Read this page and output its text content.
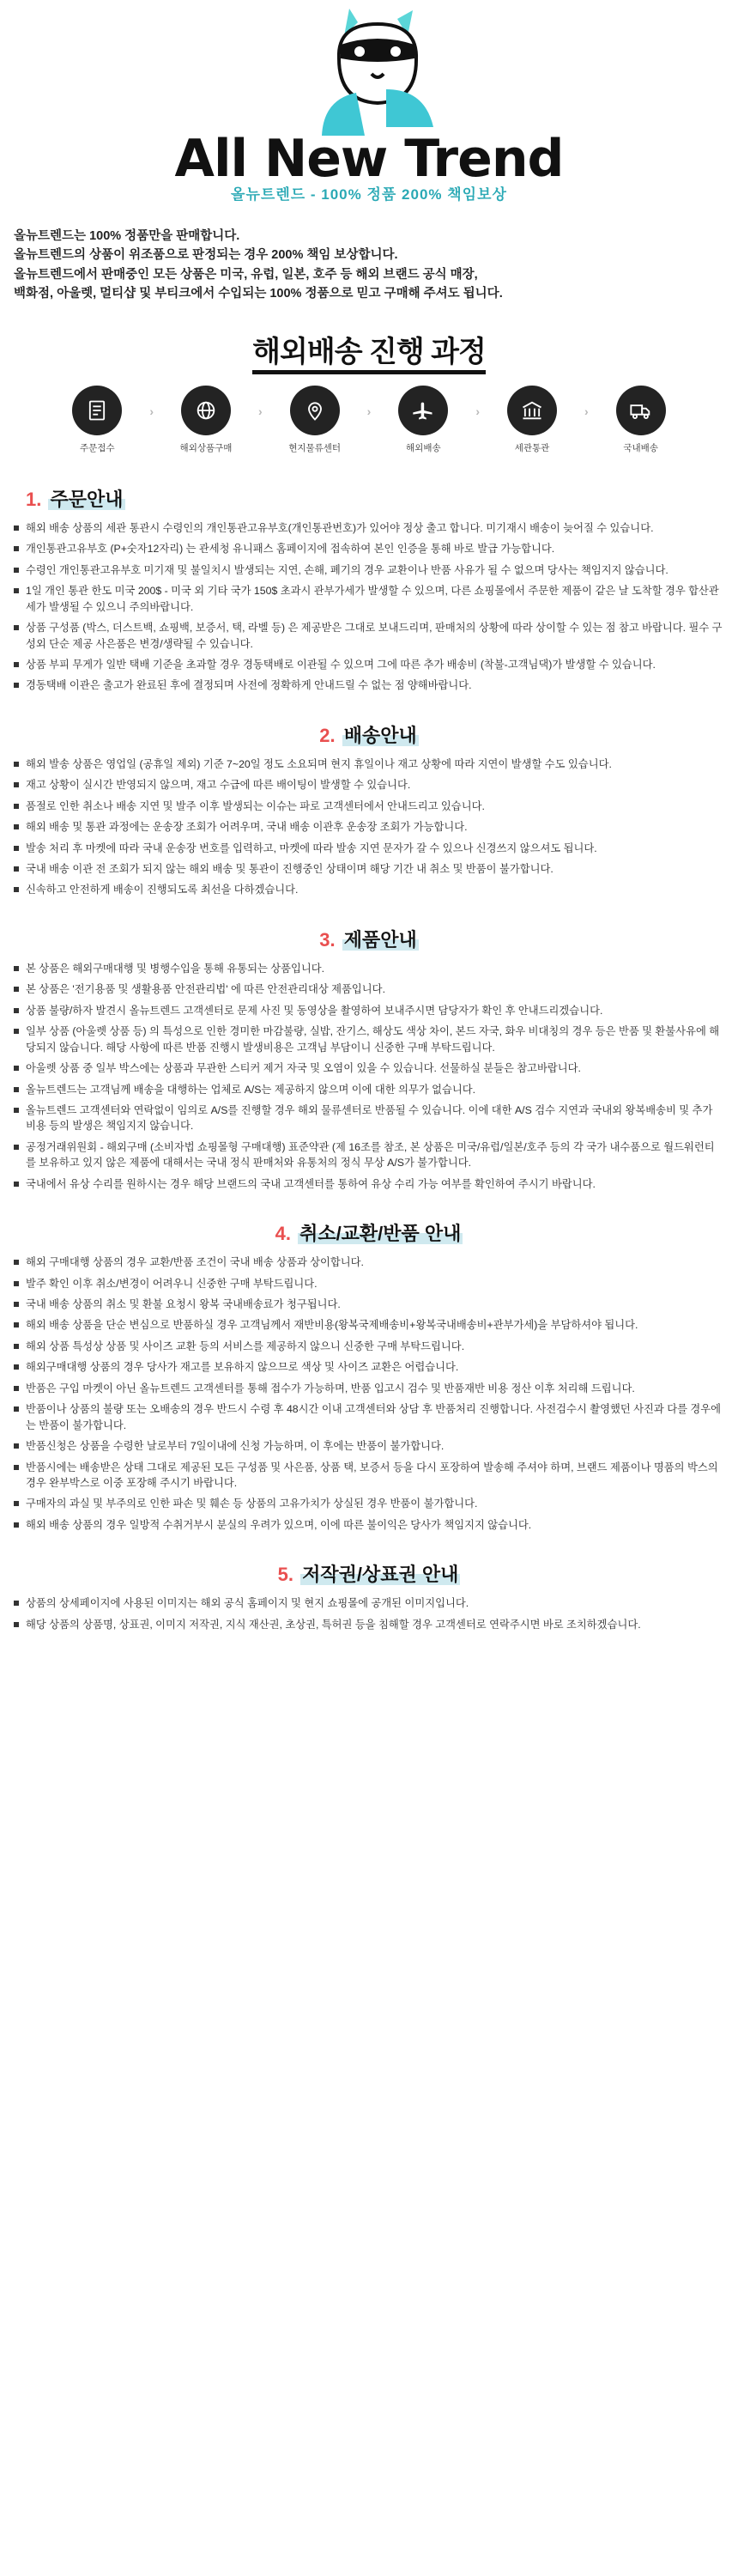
All New Trend
올뉴트렌드 - 100% 정품 200% 책임보상
올뉴트렌드는 100% 정품만을 판매합니다.
올뉴트렌드의 상품이 위조품으로 판정되는 경우 200% 책임 보상합니다.
올뉴트렌드에서 판매중인 모든 상품은 미국, 유럽, 일본, 호주 등 해외 브랜드 공식 매장,
백화점, 아울렛, 멀티샵 및 부티크에서 수입되는 100% 정품으로 믿고 구매해 주셔도 됩니다.
해외배송 진행 과정
주문접수
›
해외상품구매
›
현지물류센터
›
해외배송
›
세관통관
›
국내배송
1. 주문안내
해외 배송 상품의 세관 통관시 수령인의 개인통관고유부호(개인통관번호)가 있어야 정상 출고 합니다. 미기재시 배송이 늦어질 수 있습니다.
개인통관고유부호 (P+숫자12자리) 는 관세청 유니패스 홈페이지에 접속하여 본인 인증을 통해 바로 발급 가능합니다.
수령인 개인통관고유부호 미기재 및 불일치시 발생되는 지연, 손해, 폐기의 경우 교환이나 반품 사유가 될 수 없으며 당사는 책임지지 않습니다.
1일 개인 통관 한도 미국 200$ - 미국 외 기타 국가 150$ 초과시 관부가세가 발생할 수 있으며, 다른 쇼핑몰에서 주문한 제품이 같은 날 도착할 경우 합산관세가 발생될 수 있으니 주의바랍니다.
상품 구성품 (박스, 더스트백, 쇼핑백, 보증서, 택, 라벨 등) 은 제공받은 그대로 보내드리며, 판매처의 상황에 따라 상이할 수 있는 점 참고 바랍니다. 필수 구성외 단순 제공 사은품은 변경/생략될 수 있습니다.
상품 부피 무게가 일반 택배 기준을 초과할 경우 경동택배로 이관될 수 있으며 그에 따른 추가 배송비 (착불-고객님댁)가 발생할 수 있습니다.
경동택배 이관은 출고가 완료된 후에 결정되며 사전에 정확하게 안내드릴 수 없는 점 양해바랍니다.
2. 배송안내
해외 발송 상품은 영업일 (공휴일 제외) 기준 7~20일 정도 소요되며 현지 휴일이나 재고 상황에 따라 지연이 발생할 수도 있습니다.
재고 상황이 실시간 반영되지 않으며, 재고 수급에 따른 배이팅이 발생할 수 있습니다.
품절로 인한 취소나 배송 지연 및 발주 이후 발생되는 이슈는 파로 고객센터에서 안내드리고 있습니다.
해외 배송 및 통관 과정에는 운송장 조회가 어려우며, 국내 배송 이관후 운송장 조회가 가능합니다.
발송 처리 후 마켓에 따라 국내 운송장 번호를 입력하고, 마켓에 따라 발송 지연 문자가 갈 수 있으나 신경쓰지 않으셔도 됩니다.
국내 배송 이관 전 조회가 되지 않는 해외 배송 및 통관이 진행중인 상태이며 해당 기간 내 취소 및 반품이 불가합니다.
신속하고 안전하게 배송이 진행되도록 최선을 다하겠습니다.
3. 제품안내
본 상품은 해외구매대행 및 병행수입을 통해 유통되는 상품입니다.
본 상품은 '전기용품 및 생활용품 안전관리법' 에 따른 안전관리대상 제품입니다.
상품 불량/하자 발견시 올뉴트렌드 고객센터로 문제 사진 및 동영상을 촬영하여 보내주시면 담당자가 확인 후 안내드리겠습니다.
일부 상품 (아울렛 상품 등) 의 특성으로 인한 경미한 마감불량, 실밥, 잔기스, 해상도 색상 차이, 본드 자국, 화우 비대칭의 경우 등은 반품 및 환불사유에 해당되지 않습니다. 해당 사항에 따른 반품 진행시 발생비용은 고객님 부담이니 신중한 구매 부탁드립니다.
아울렛 상품 중 일부 박스에는 상품과 무관한 스티커 제거 자국 및 오염이 있을 수 있습니다. 선물하실 분들은 참고바랍니다.
올뉴트렌드는 고객님께 배송을 대행하는 업체로 A/S는 제공하지 않으며 이에 대한 의무가 없습니다.
올뉴트렌드 고객센터와 연락없이 임의로 A/S를 진행할 경우 해외 물류센터로 반품될 수 있습니다. 이에 대한 A/S 검수 지연과 국내외 왕복배송비 및 추가 비용 등의 발생은 책임지지 않습니다.
공정거래위원회 - 해외구매 (소비자법 쇼핑몰형 구매대행) 표준약관 (제 16조를 참조, 본 상품은 미국/유럽/일본/호주 등의 각 국가 내수품으로 월드워런티를 보유하고 있지 않은 제품에 대해서는 국내 정식 판매처와 유통처의 정식 무상 A/S가 불가합니다.
국내에서 유상 수리를 원하시는 경우 해당 브랜드의 국내 고객센터를 통하여 유상 수리 가능 여부를 확인하여 주시기 바랍니다.
4. 취소/교환/반품 안내
해외 구매대행 상품의 경우 교환/반품 조건이 국내 배송 상품과 상이합니다.
발주 확인 이후 취소/변경이 어려우니 신중한 구매 부탁드립니다.
국내 배송 상품의 취소 및 환불 요청시 왕복 국내배송료가 청구됩니다.
해외 배송 상품을 단순 변심으로 반품하실 경우 고객님께서 재반비용(왕복국제배송비+왕복국내배송비+관부가세)을 부담하셔야 됩니다.
해외 상품 특성상 상품 및 사이즈 교환 등의 서비스를 제공하지 않으니 신중한 구매 부탁드립니다.
해외구매대행 상품의 경우 당사가 재고를 보유하지 않으므로 색상 및 사이즈 교환은 어렵습니다.
반품은 구입 마켓이 아닌 올뉴트렌드 고객센터를 통해 접수가 가능하며, 반품 입고시 검수 및 반품재반 비용 정산 이후 처리해 드립니다.
반품이나 상품의 불량 또는 오배송의 경우 반드시 수령 후 48시간 이내 고객센터와 상담 후 반품처리 진행합니다. 사전검수시 촬영했던 사진과 다를 경우에는 반품이 불가합니다.
반품신청은 상품을 수령한 날로부터 7일이내에 신청 가능하며, 이 후에는 반품이 불가합니다.
반품시에는 배송받은 상태 그대로 제공된 모든 구성품 및 사은품, 상품 택, 보증서 등을 다시 포장하여 발송해 주셔야 하며, 브랜드 제품이나 명품의 박스의 경우 완부박스로 이중 포장해 주시기 바랍니다.
구매자의 과실 및 부주의로 인한 파손 및 훼손 등 상품의 고유가치가 상실된 경우 반품이 불가합니다.
해외 배송 상품의 경우 일방적 수취거부시 분실의 우려가 있으며, 이에 따른 불이익은 당사가 책임지지 않습니다.
5. 저작권/상표권 안내
상품의 상세페이지에 사용된 이미지는 해외 공식 홈페이지 및 현지 쇼핑몰에 공개된 이미지입니다.
해당 상품의 상품명, 상표권, 이미지 저작권, 지식 재산권, 초상권, 특허권 등을 침해할 경우 고객센터로 연락주시면 바로 조치하겠습니다.
